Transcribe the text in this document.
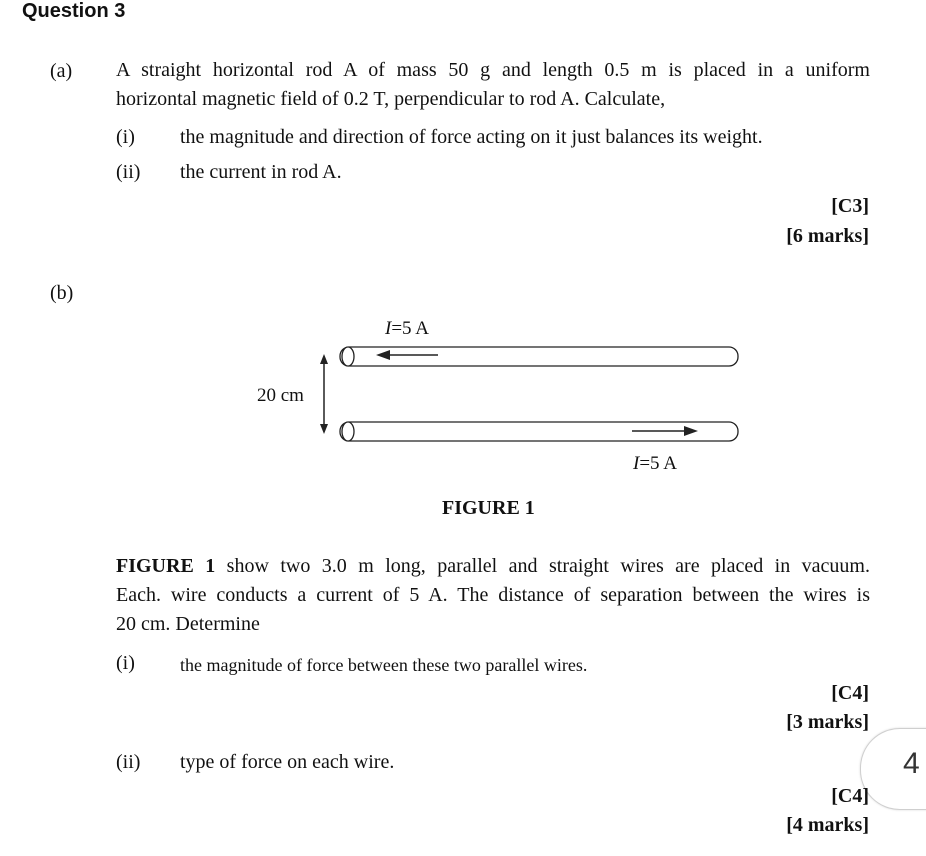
Question 3
(a) A straight horizontal rod A of mass 50 g and length 0.5 m is placed in a uniform
horizontal magnetic field of 0.2 T, perpendicular to rod A. Calculate,
(i) the magnitude and direction of force acting on it just balances its weight.
(ii) the current in rod A.
[C3]
[6 marks]
(b)
I=5 A
I=5 A
20 cm
FIGURE 1
FIGURE 1 show two 3.0 m long, parallel and straight wires are placed in vacuum.
Each. wire conducts a current of 5 A. The distance of separation between the wires is
20 cm. Determine
(i)	the magnitude of force between these two parallel wires.
[C4]
[3 marks]
(ii) type of force on each wire.	4
[C4]
[4 marks]
